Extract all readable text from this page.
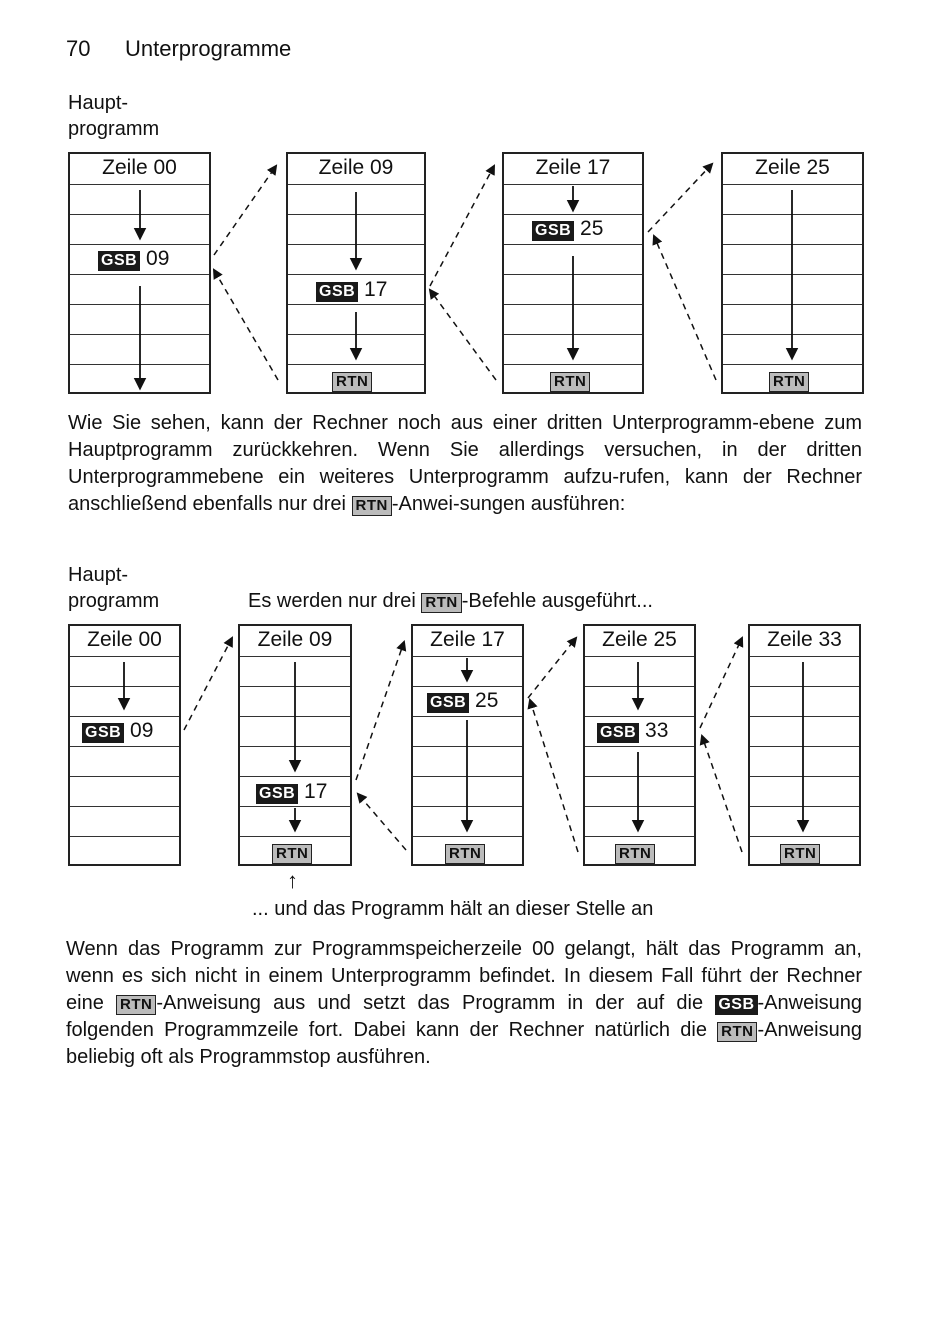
70 Unterprogramme
Haupt-
programm
Zeile 00
GSB 09
Zeile 09
GSB 17
RTN
Zeile 17
GSB 25
RTN
Zeile 25
RTN

Wie Sie sehen, kann der Rechner noch aus einer dritten Unterprogramm-ebene zum Hauptprogramm zurückkehren. Wenn Sie allerdings versuchen, in der dritten Unterprogrammebene ein weiteres Unterprogramm aufzu-rufen, kann der Rechner anschließend ebenfalls nur drei RTN -Anwei-sungen ausführen:

Haupt-
programm	Es werden nur drei RTN -Befehle ausgeführt...
Zeile 00
GSB 09
Zeile 09
GSB 17
RTN
Zeile 17
GSB 25
RTN
Zeile 25
GSB 33
RTN
Zeile 33
RTN
↑
... und das Programm hält an dieser Stelle an

Wenn das Programm zur Programmspeicherzeile 00 gelangt, hält das Programm an, wenn es sich nicht in einem Unterprogramm befindet. In diesem Fall führt der Rechner eine RTN -Anweisung aus und setzt das Programm in der auf die GSB -Anweisung folgenden Programmzeile fort. Dabei kann der Rechner natürlich die RTN -Anweisung beliebig oft als Programmstop ausführen.
